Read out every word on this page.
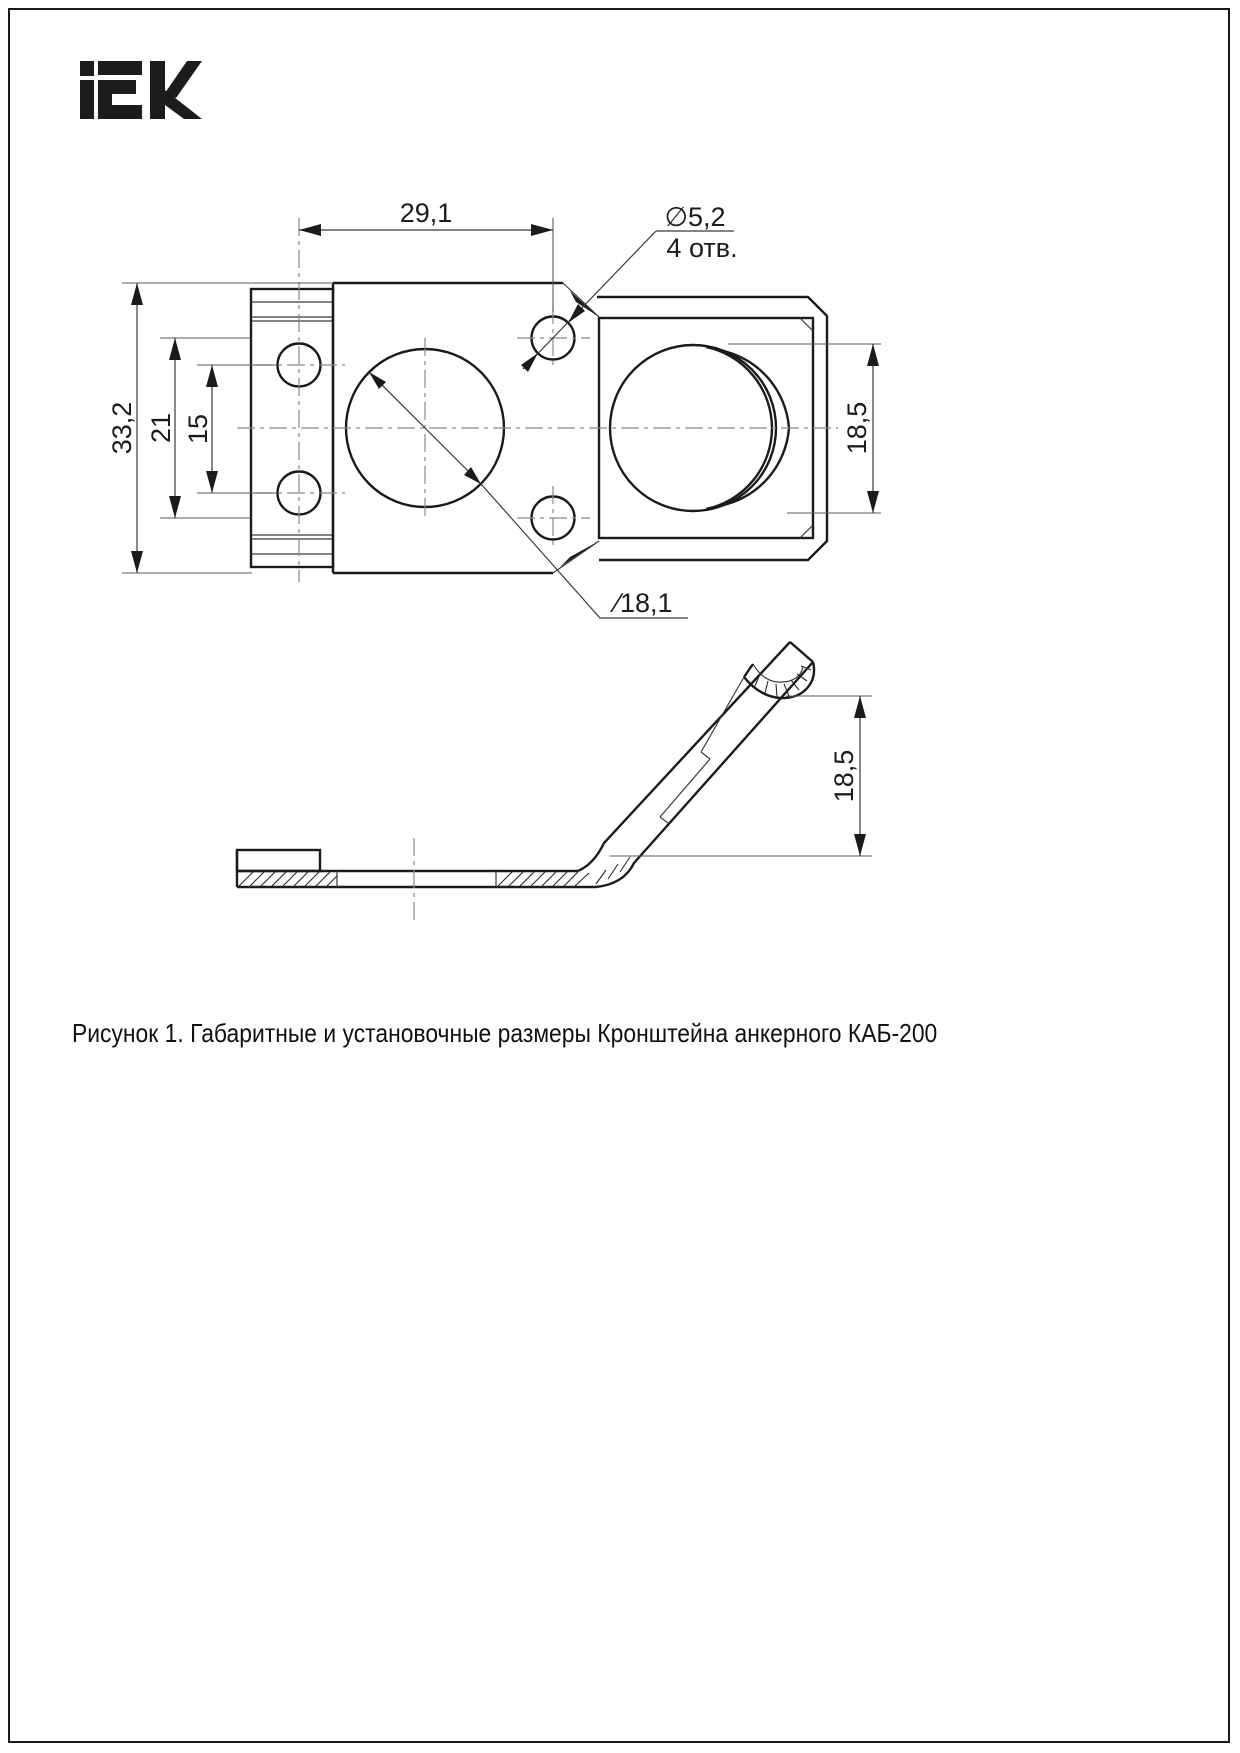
29,1	∅5,2
4 отв.
33,2 21 15	18,5
∕18,1
18,5
Рисунок 1. Габаритные и установочные размеры Кронштейна анкерного КАБ-200
